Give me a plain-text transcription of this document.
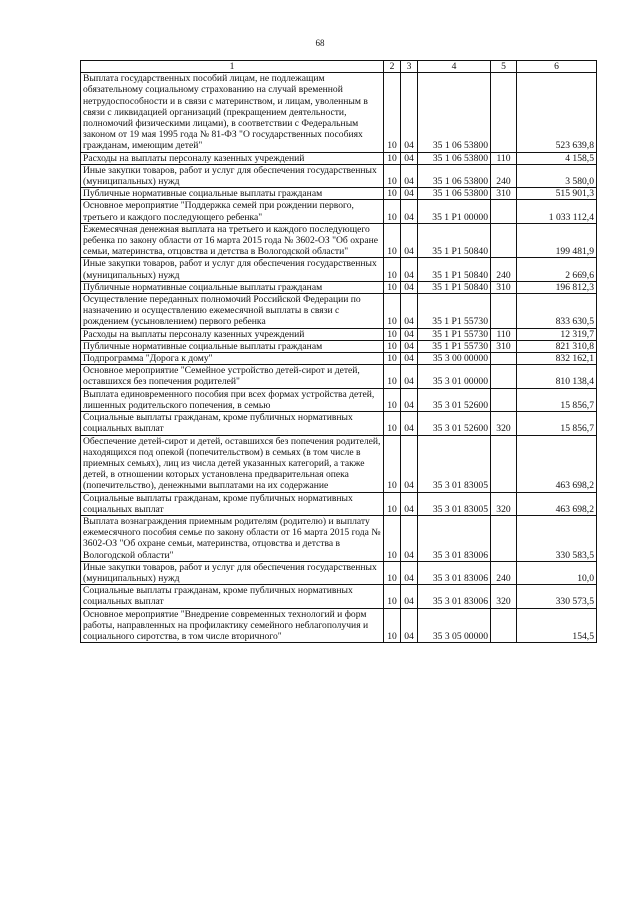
68
1	2	3	4	5	6
Выплата государственных пособий лицам, не подлежащим обязательному социальному страхованию на случай временной нетрудоспособности и в связи с материнством, и лицам, уволенным в связи с ликвидацией организаций (прекращением деятельности, полномочий физическими лицами), в соответствии с Федеральным законом от 19 мая 1995 года № 81-ФЗ "О государственных пособиях гражданам, имеющим детей"	10	04	35 1 06 53800		523 639,8
Расходы на выплаты персоналу казенных учреждений	10	04	35 1 06 53800	110	4 158,5
Иные закупки товаров, работ и услуг для обеспечения государственных (муниципальных) нужд	10	04	35 1 06 53800	240	3 580,0
Публичные нормативные социальные выплаты гражданам	10	04	35 1 06 53800	310	515 901,3
Основное мероприятие "Поддержка семей при рождении первого, третьего и каждого последующего ребенка"	10	04	35 1 P1 00000		1 033 112,4
Ежемесячная денежная выплата на третьего и каждого последующего ребенка по закону области от 16 марта 2015 года № 3602-ОЗ "Об охране семьи, материнства, отцовства и детства в Вологодской области"	10	04	35 1 P1 50840		199 481,9
Иные закупки товаров, работ и услуг для обеспечения государственных (муниципальных) нужд	10	04	35 1 P1 50840	240	2 669,6
Публичные нормативные социальные выплаты гражданам	10	04	35 1 P1 50840	310	196 812,3
Осуществление переданных полномочий Российской Федерации по назначению и осуществлению ежемесячной выплаты в связи с рождением (усыновлением) первого ребенка	10	04	35 1 P1 55730		833 630,5
Расходы на выплаты персоналу казенных учреждений	10	04	35 1 P1 55730	110	12 319,7
Публичные нормативные социальные выплаты гражданам	10	04	35 1 P1 55730	310	821 310,8
Подпрограмма "Дорога к дому"	10	04	35 3 00 00000		832 162,1
Основное мероприятие "Семейное устройство детей-сирот и детей, оставшихся без попечения родителей"	10	04	35 3 01 00000		810 138,4
Выплата единовременного пособия при всех формах устройства детей, лишенных родительского попечения, в семью	10	04	35 3 01 52600		15 856,7
Социальные выплаты гражданам, кроме публичных нормативных социальных выплат	10	04	35 3 01 52600	320	15 856,7
Обеспечение детей-сирот и детей, оставшихся без попечения родителей, находящихся под опекой (попечительством) в семьях (в том числе в приемных семьях), лиц из числа детей указанных категорий, а также детей, в отношении которых установлена предварительная опека (попечительство), денежными выплатами на их содержание	10	04	35 3 01 83005		463 698,2
Социальные выплаты гражданам, кроме публичных нормативных социальных выплат	10	04	35 3 01 83005	320	463 698,2
Выплата вознаграждения приемным родителям (родителю) и выплату ежемесячного пособия семье по закону области от 16 марта 2015 года № 3602-ОЗ "Об охране семьи, материнства, отцовства и детства в Вологодской области"	10	04	35 3 01 83006		330 583,5
Иные закупки товаров, работ и услуг для обеспечения государственных (муниципальных) нужд	10	04	35 3 01 83006	240	10,0
Социальные выплаты гражданам, кроме публичных нормативных социальных выплат	10	04	35 3 01 83006	320	330 573,5
Основное мероприятие "Внедрение современных технологий и форм работы, направленных на профилактику семейного неблагополучия и социального сиротства, в том числе вторичного"	10	04	35 3 05 00000		154,5
